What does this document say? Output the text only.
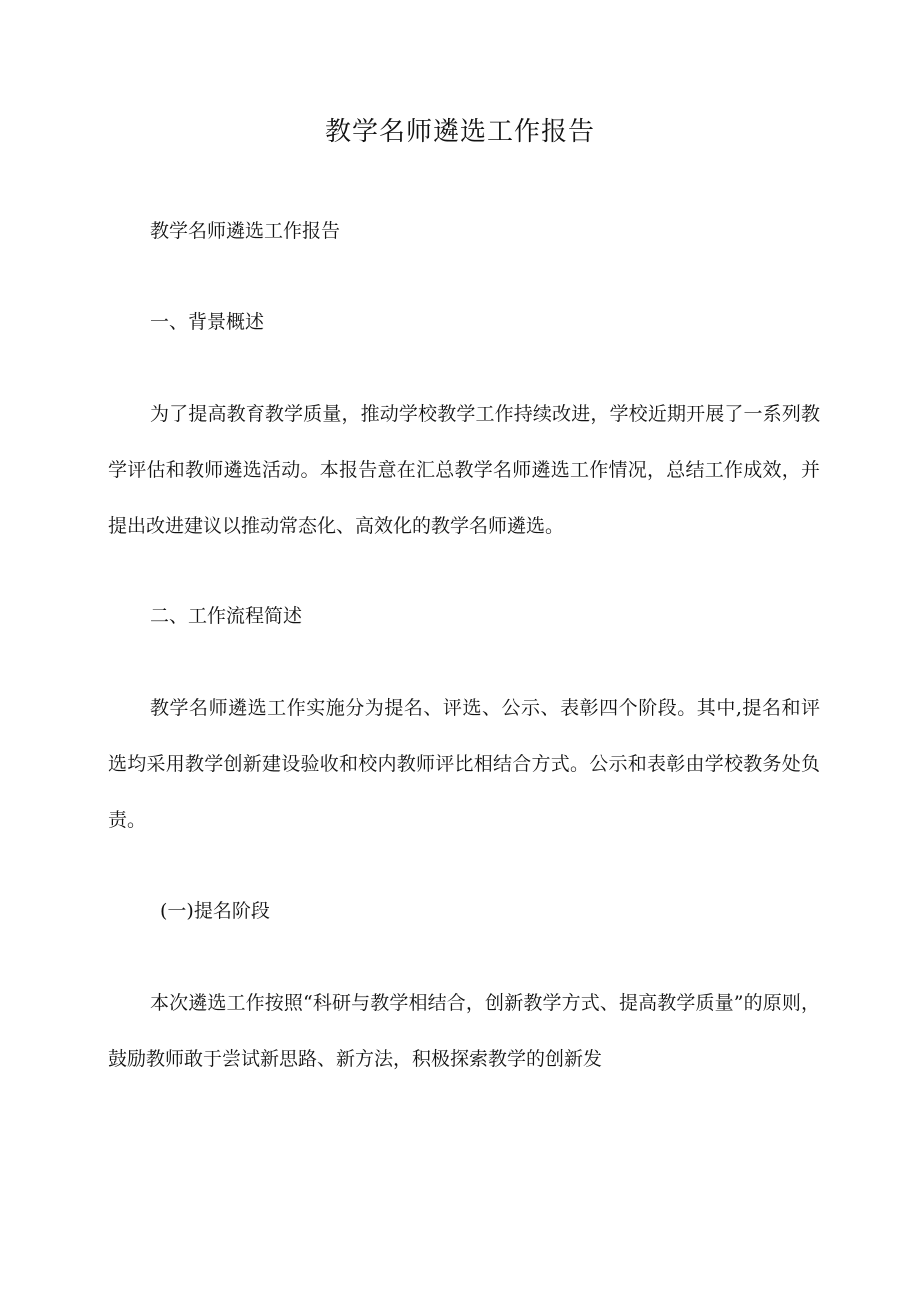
教学名师遴选工作报告

教学名师遴选工作报告

一、背景概述

为了提高教育教学质量，推动学校教学工作持续改进，学校近期开展了一系列教学评估和教师遴选活动。本报告意在汇总教学名师遴选工作情况，总结工作成效，并提出改进建议以推动常态化、高效化的教学名师遴选。

二、工作流程简述

教学名师遴选工作实施分为提名、评选、公示、表彰四个阶段。其中,提名和评选均采用教学创新建设验收和校内教师评比相结合方式。公示和表彰由学校教务处负责。

(一)提名阶段

本次遴选工作按照“科研与教学相结合，创新教学方式、提高教学质量”的原则，鼓励教师敢于尝试新思路、新方法，积极探索教学的创新发
